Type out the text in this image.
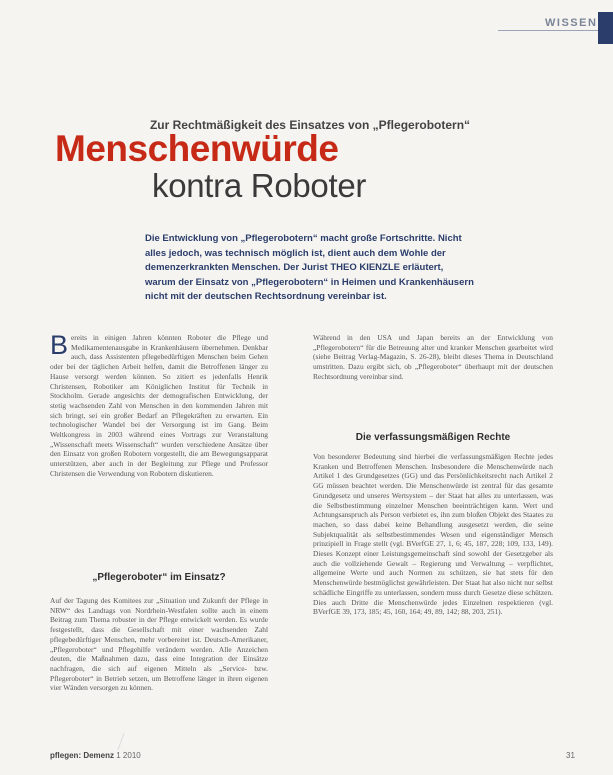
WISSEN
Zur Rechtmäßigkeit des Einsatzes von „Pflegerobotern“
Menschenwürde
kontra Roboter
Die Entwicklung von „Pflegerobotern“ macht große Fortschritte. Nicht alles jedoch, was technisch möglich ist, dient auch dem Wohle der demenzerkrankten Menschen. Der Jurist THEO KIENZLE erläutert, warum der Einsatz von „Pflegerobotern“ in Heimen und Krankenhäusern nicht mit der deutschen Rechtsordnung vereinbar ist.
Bereits in einigen Jahren könnten Roboter die Pflege und Medikamentenausgabe in Krankenhäusern übernehmen. Denkbar auch, dass Assistenten pflegebedürftigen Menschen beim Gehen oder bei der täglichen Arbeit helfen, damit die Betroffenen länger zu Hause versorgt werden können. So zitiert es jedenfalls Henrik Christensen, Robotiker am Königlichen Institut für Technik in Stockholm. Gerade angesichts der demografischen Entwicklung, der stetig wachsenden Zahl von Menschen in den kommenden Jahren mit sich bringt, sei ein großer Bedarf an Pflegekräften zu erwarten. Ein technologischer Wandel bei der Versorgung ist im Gang. Beim Weltkongress in 2003 während eines Vortrags zur Veranstaltung „Wissenschaft meets Wissenschaft“ wurden verschiedene Ansätze über den Einsatz von großen Robotern vorgestellt, die am Bewegungsapparat unterstützen, aber auch in der Begleitung zur Pflege und Professor Christensen die Verwendung von Robotern diskutieren.
„Pflegeroboter“ im Einsatz?
Auf der Tagung des Komitees zur „Situation und Zukunft der Pflege in NRW“ des Landtags von Nordrhein-Westfalen sollte auch in einem Beitrag zum Thema robuster in der Pflege entwickelt werden. Es wurde festgestellt, dass die Gesellschaft mit einer wachsenden Zahl pflegebedürftiger Menschen, mehr vorbereitet ist. Deutsch-Amerikaner, „Pflegeroboter“ und Pflegehilfe verändern werden. Alle Anzeichen deuten, die Maßnahmen dazu, dass eine Integration der Einsätze nachfragen, die sich auf eigenen Mitteln als „Service- bzw. Pflegeroboter“ in Betrieb setzen, um Betroffene länger in ihren eigenen vier Wänden versorgen zu können.
Während in den USA und Japan bereits an der Entwicklung von „Pflegerobotern“ für die Betreuung alter und kranker Menschen gearbeitet wird (siehe Beitrag Verlag-Magazin, S. 26-28), bleibt dieses Thema in Deutschland umstritten. Dazu ergibt sich, ob „Pflegeroboter“ überhaupt mit der deutschen Rechtsordnung vereinbar sind.
Die verfassungsmäßigen Rechte
Von besonderer Bedeutung sind hierbei die verfassungsmäßigen Rechte jedes Kranken und Betroffenen Menschen. Insbesondere die Menschenwürde nach Artikel 1 des Grundgesetzes (GG) und das Persönlichkeitsrecht nach Artikel 2 GG müssen beachtet werden. Die Menschenwürde ist zentral für das gesamte Grundgesetz und unseres Wertsystem – der Staat hat alles zu unterlassen, was die Selbstbestimmung einzelner Menschen beeinträchtigen kann. Wert und Achtungsanspruch als Person verbietet es, ihn zum bloßen Objekt des Staates zu machen, so dass dabei keine Behandlung ausgesetzt werden, die seine Subjektqualität als selbstbestimmendes Wesen und eigenständiger Mensch prinzipiell in Frage stellt (vgl. BVerfGE 27, 1, 6; 45, 187, 228; 109, 133, 149). Dieses Konzept einer Leistungsgemeinschaft sind sowohl der Gesetzgeber als auch die vollziehende Gewalt – Regierung und Verwaltung – verpflichtet, allgemeine Werte und auch Normen zu schützen, sie hat stets für den Menschenwürde bestmöglichst gewährleisten. Der Staat hat also nicht nur selbst schädliche Eingriffe zu unterlassen, sondern muss durch Gesetze diese schützen. Dies auch Dritte die Menschenwürde jedes Einzelnen respektieren (vgl. BVerfGE 39, 173, 185; 45, 160, 164; 49, 89, 142; 88, 203, 251).
pflegen: Demenz 1 2010	31
